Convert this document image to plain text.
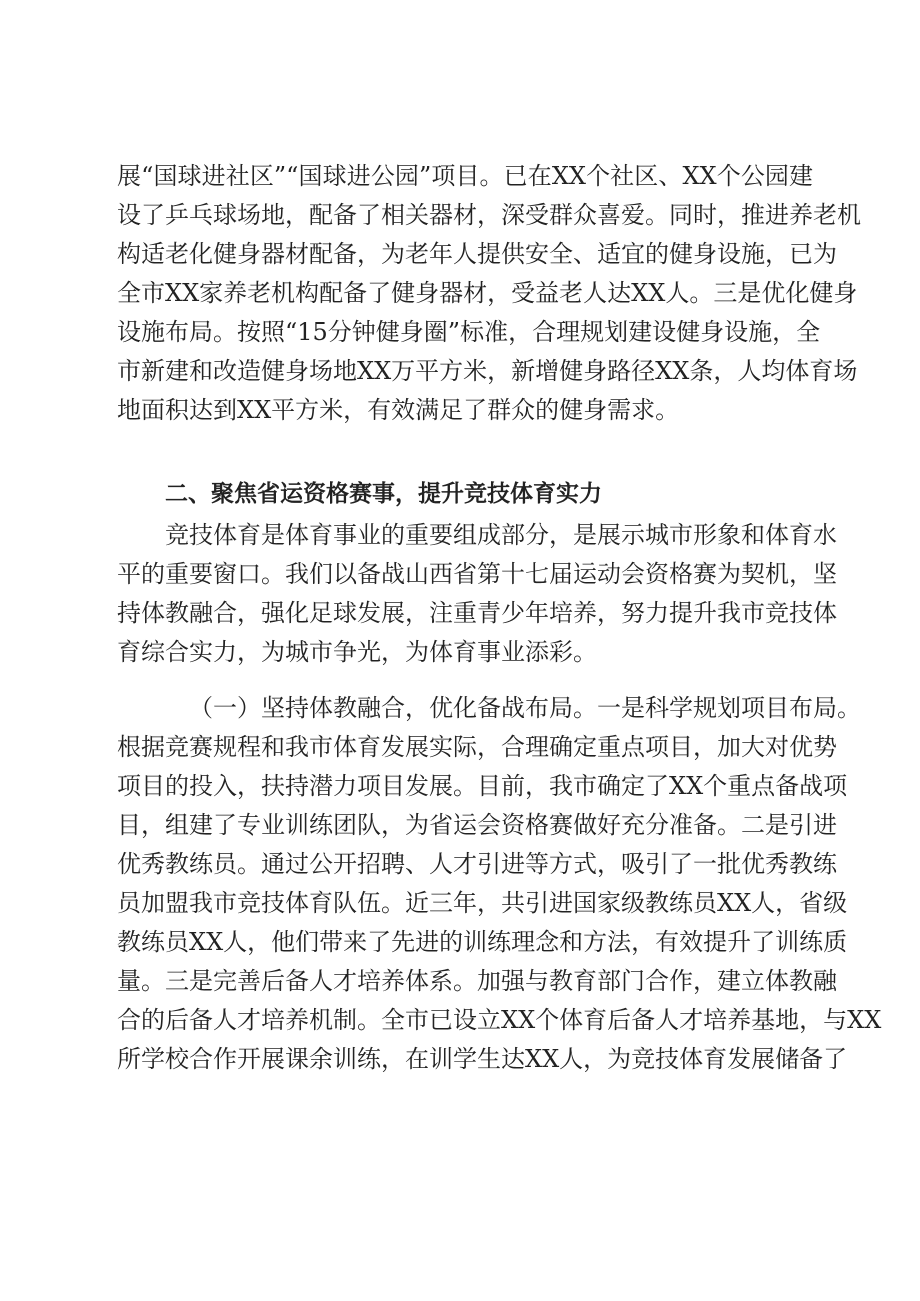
展“国球进社区”“国球进公园”项目。已在XX个社区、XX个公园建
设了乒乓球场地，配备了相关器材，深受群众喜爱。同时，推进养老机
构适老化健身器材配备，为老年人提供安全、适宜的健身设施，已为
全市XX家养老机构配备了健身器材，受益老人达XX人。三是优化健身
设施布局。按照“15分钟健身圈”标准，合理规划建设健身设施，全
市新建和改造健身场地XX万平方米，新增健身路径XX条，人均体育场
地面积达到XX平方米，有效满足了群众的健身需求。
二、聚焦省运资格赛事，提升竞技体育实力
竞技体育是体育事业的重要组成部分，是展示城市形象和体育水
平的重要窗口。我们以备战山西省第十七届运动会资格赛为契机，坚
持体教融合，强化足球发展，注重青少年培养，努力提升我市竞技体
育综合实力，为城市争光，为体育事业添彩。
（一）坚持体教融合，优化备战布局。一是科学规划项目布局。
根据竞赛规程和我市体育发展实际，合理确定重点项目，加大对优势
项目的投入，扶持潜力项目发展。目前，我市确定了XX个重点备战项
目，组建了专业训练团队，为省运会资格赛做好充分准备。二是引进
优秀教练员。通过公开招聘、人才引进等方式，吸引了一批优秀教练
员加盟我市竞技体育队伍。近三年，共引进国家级教练员XX人，省级
教练员XX人，他们带来了先进的训练理念和方法，有效提升了训练质
量。三是完善后备人才培养体系。加强与教育部门合作，建立体教融
合的后备人才培养机制。全市已设立XX个体育后备人才培养基地，与XX
所学校合作开展课余训练，在训学生达XX人，为竞技体育发展储备了
